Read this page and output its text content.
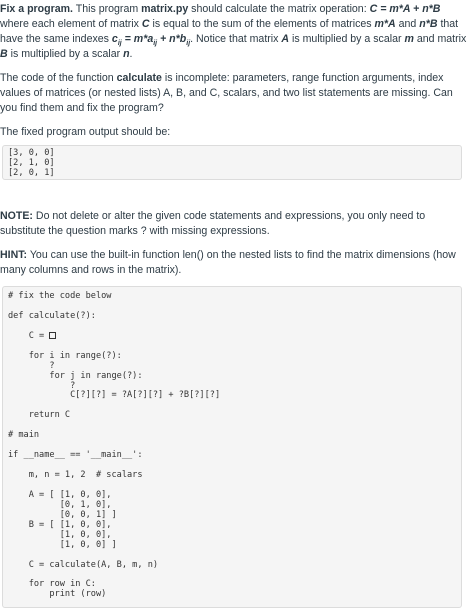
Fix a program. This program matrix.py should calculate the matrix operation: C = m*A + n*B where each element of matrix C is equal to the sum of the elements of matrices m*A and n*B that have the same indexes $c_{ij} = m*a_{ij} + n*b_{ij}$. Notice that matrix A is multiplied by a scalar m and matrix B is multiplied by a scalar n.

The code of the function calculate is incomplete: parameters, range function arguments, index values of matrices (or nested lists) A, B, and C, scalars, and two list statements are missing. Can you find them and fix the program?

The fixed program output should be:

[3, 0, 0]
[2, 1, 0]
[2, 0, 1]

NOTE: Do not delete or alter the given code statements and expressions, you only need to substitute the question marks ? with missing expressions.

HINT: You can use the built-in function len() on the nested lists to find the matrix dimensions (how many columns and rows in the matrix).

# fix the code below
def calculate(?):
C =
for i in range(?):
?
for j in range(?):
?
C[?][?] = ?A[?][?] + ?B[?][?]
return C
# main
if __name__ == '__main__':
m, n = 1, 2  # scalars
A = [ [1, 0, 0],
[0, 1, 0],
[0, 0, 1] ]
B = [ [1, 0, 0],
[1, 0, 0],
[1, 0, 0] ]
C = calculate(A, B, m, n)
for row in C:
print (row)
